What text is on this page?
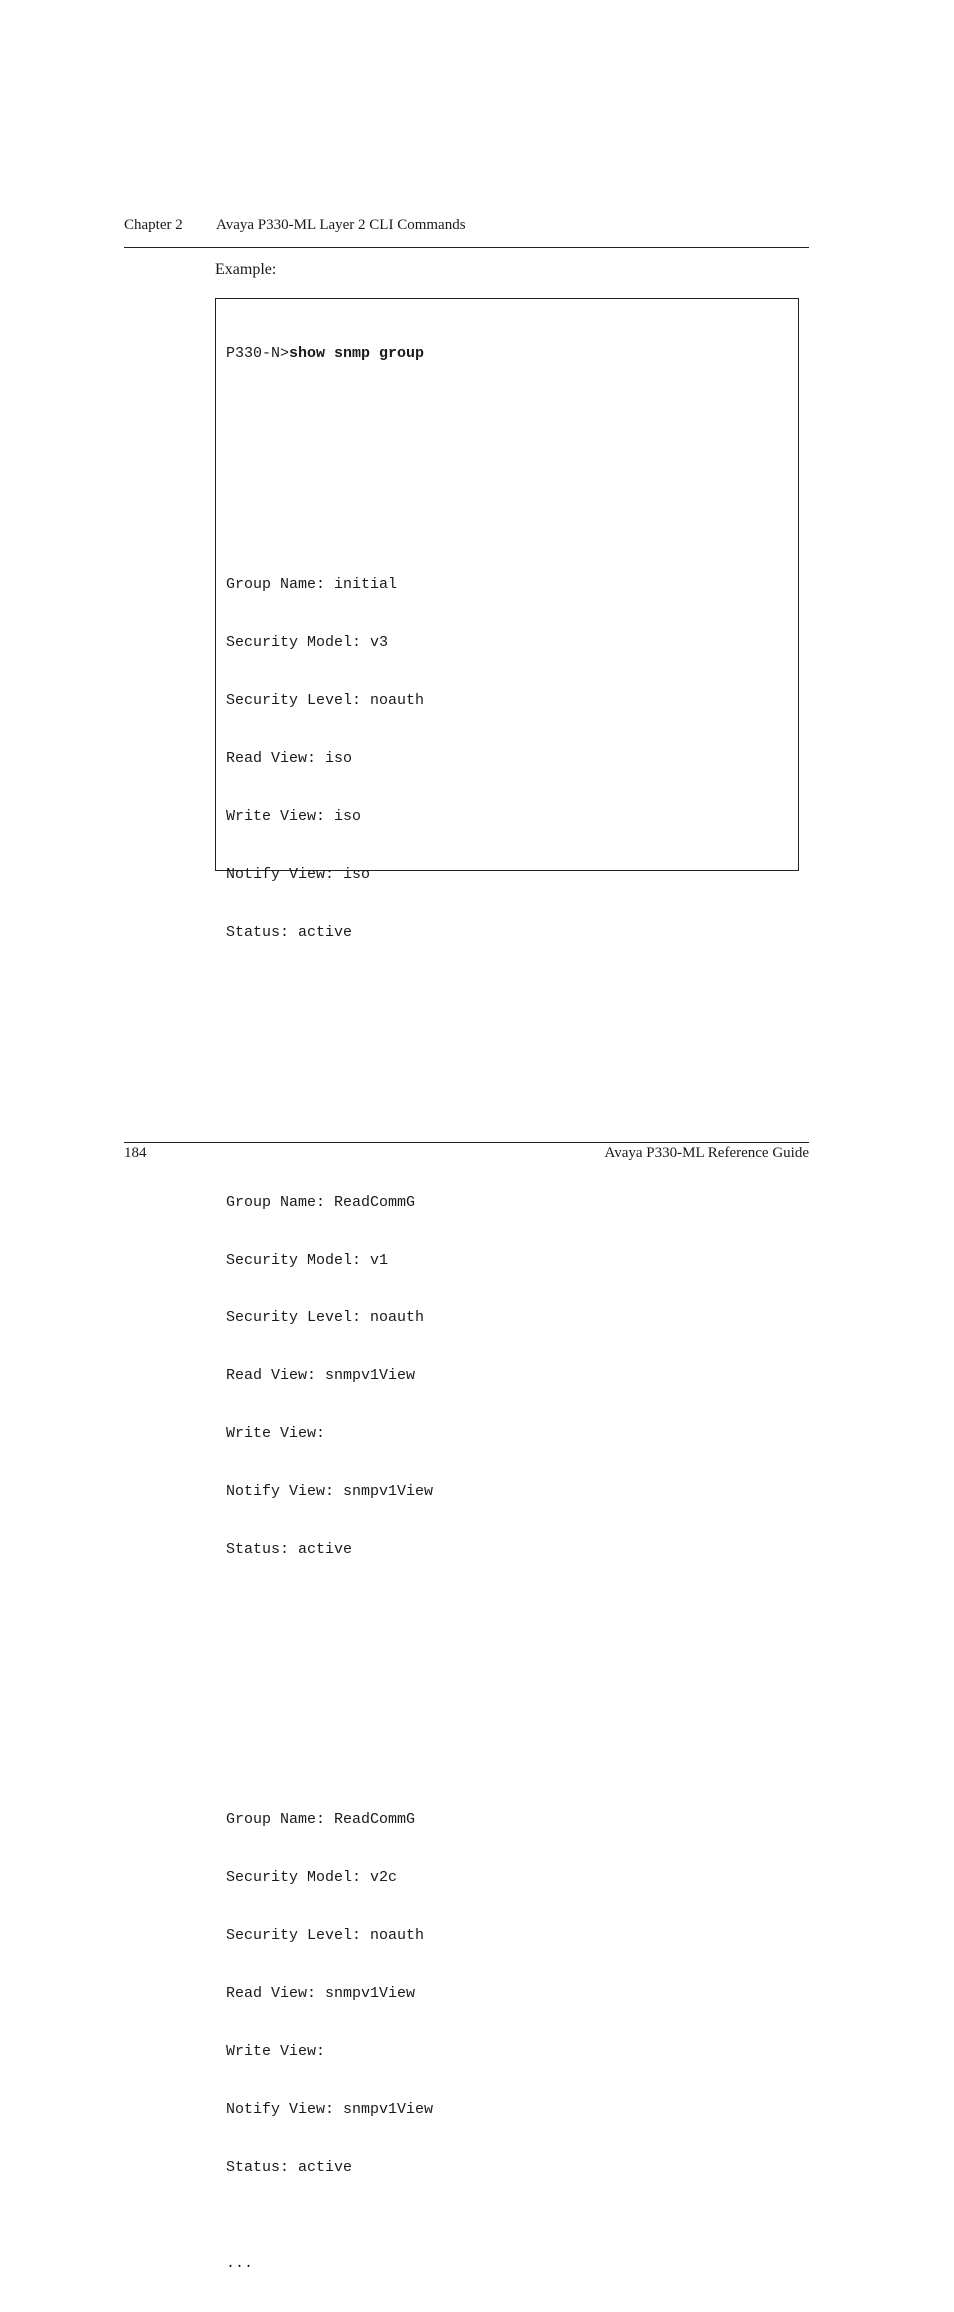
Chapter 2 Avaya P330-ML Layer 2 CLI Commands
Example:

P330-N>show snmp group

Group Name: initial

Security Model: v3

Security Level: noauth

Read View: iso

Write View: iso

Notify View: iso

Status: active

Group Name: ReadCommG

Security Model: v1

Security Level: noauth

Read View: snmpv1View

Write View:

Notify View: snmpv1View

Status: active

Group Name: ReadCommG

Security Model: v2c

Security Level: noauth

Read View: snmpv1View

Write View:

Notify View: snmpv1View

Status: active

...

184	Avaya P330-ML Reference Guide
